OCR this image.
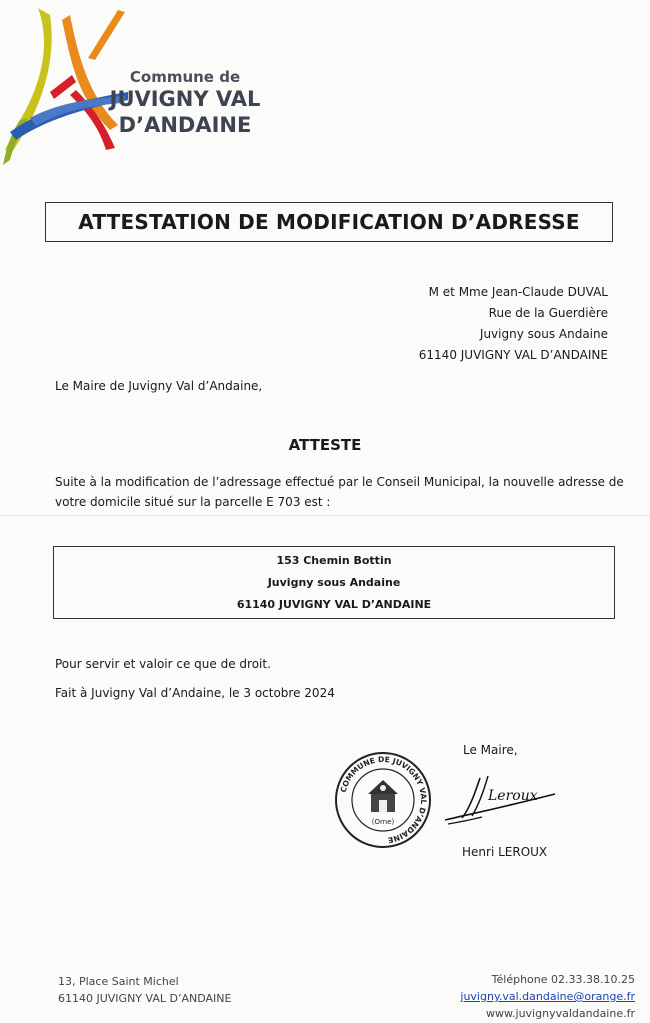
Commune de
JUVIGNY VAL
D’ANDAINE
ATTESTATION DE MODIFICATION D’ADRESSE
M et Mme Jean-Claude DUVAL
Rue de la Guerdière
Juvigny sous Andaine
61140 JUVIGNY VAL D’ANDAINE
Le Maire de Juvigny Val d’Andaine,
ATTESTE
Suite à la modification de l’adressage effectué par le Conseil Municipal, la nouvelle adresse de votre domicile situé sur la parcelle E 703 est :
153 Chemin Bottin
Juvigny sous Andaine
61140 JUVIGNY VAL D’ANDAINE
Pour servir et valoir ce que de droit.
Fait à Juvigny Val d’Andaine, le 3 octobre 2024
Le Maire,
COMMUNE DE JUVIGNY VAL D’ANDAINE
(Orne)
Leroux
Henri LEROUX
13, Place Saint Michel
61140 JUVIGNY VAL D’ANDAINE
Téléphone 02.33.38.10.25
juvigny.val.dandaine@orange.fr
www.juvignyvaldandaine.fr
